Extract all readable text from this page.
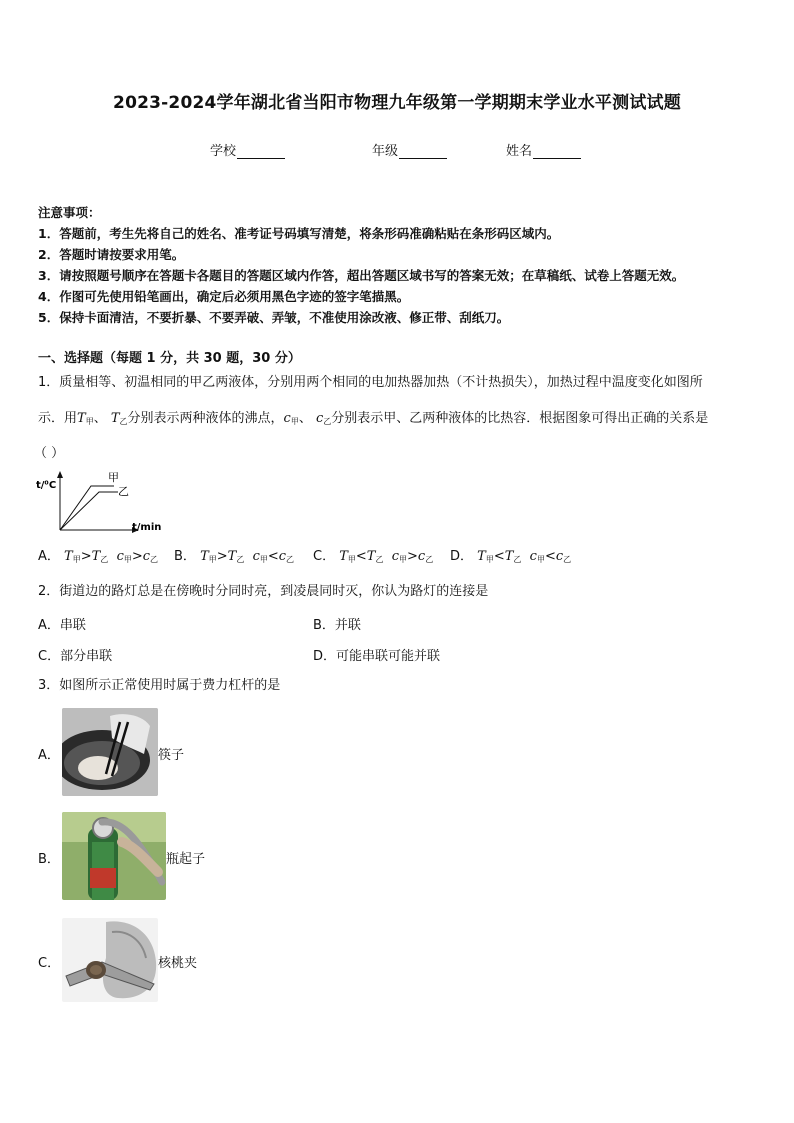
2023-2024学年湖北省当阳市物理九年级第一学期期末学业水平测试试题
学校	年级	姓名
注意事项：
1．答题前，考生先将自己的姓名、准考证号码填写清楚，将条形码准确粘贴在条形码区域内。
2．答题时请按要求用笔。
3．请按照题号顺序在答题卡各题目的答题区域内作答，超出答题区域书写的答案无效；在草稿纸、试卷上答题无效。
4．作图可先使用铅笔画出，确定后必须用黑色字迹的签字笔描黑。
5．保持卡面清洁，不要折暴、不要弄破、弄皱，不准使用涂改液、修正带、刮纸刀。
一、选择题（每题 1 分，共 30 题，30 分）
1．质量相等、初温相同的甲乙两液体，分别用两个相同的电加热器加热（不计热损失），加热过程中温度变化如图所
示．用$T_甲$、 $T_乙$分别表示两种液体的沸点，$c_甲$、 $c_乙$分别表示甲、乙两种液体的比热容．根据图象可得出正确的关系是
（ ）
t/⁰C
t/min
甲
乙
A． $T_甲>T_乙$ $c_甲>c_乙$ B． $T_甲>T_乙$ $c_甲<c_乙$ C． $T_甲<T_乙$ $c_甲>c_乙$ D． $T_甲<T_乙$ $c_甲<c_乙$
2．街道边的路灯总是在傍晚时分同时亮，到凌晨同时灭，你认为路灯的连接是
A．串联	B．并联
C．部分串联	D．可能串联可能并联
3．如图所示正常使用时属于费力杠杆的是
A．	筷子
B．	瓶起子
C．	核桃夹
